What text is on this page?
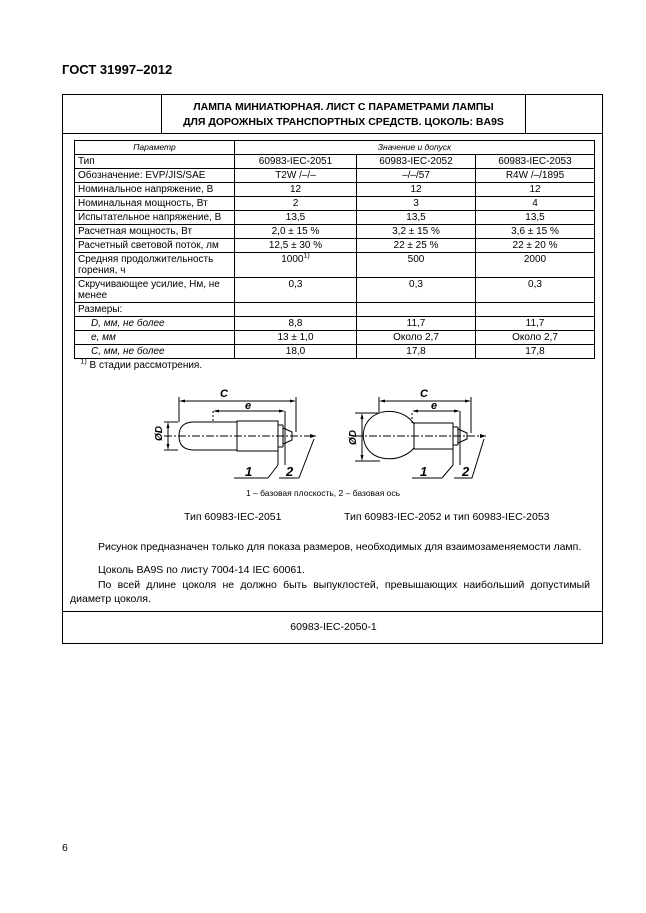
ГОСТ 31997–2012
ЛАМПА МИНИАТЮРНАЯ. ЛИСТ С ПАРАМЕТРАМИ ЛАМПЫ
ДЛЯ ДОРОЖНЫХ ТРАНСПОРТНЫХ СРЕДСТВ. ЦОКОЛЬ: BA9S
Параметр	Значение и допуск		
Тип	60983-IEC-2051	60983-IEC-2052	60983-IEC-2053
Обозначение: EVP/JIS/SAE	T2W /–/–	–/–/57	R4W /–/1895
Номинальное напряжение, В	12	12	12
Номинальная мощность, Вт	2	3	4
Испытательное напряжение, В	13,5	13,5	13,5
Расчетная мощность, Вт	2,0 ± 15 %	3,2 ± 15 %	3,6 ± 15 %
Расчетный световой поток, лм	12,5 ± 30 %	22 ± 25 %	22 ± 20 %

Средняя продолжительность
горения, ч	1000$^{1)}$	500	2000

Скручивающее усилие, Нм, не
менее	0,3	0,3	0,3
Размеры:			
D, мм, не более	8,8	11,7	11,7
е, мм	13 ± 1,0	Около 2,7	Около 2,7
C, мм, не более	18,0	17,8	17,8
$^{1)}$ В стадии рассмотрения.			
60983-IEC-2050-1
C
e
ØD
1	2
C
e
ØD
1	2
1 – базовая плоскость, 2 – базовая ось
Тип 60983-IEC-2051	Тип 60983-IEC-2052 и тип 60983-IEC-2053
Рисунок предназначен только для показа размеров, необходимых для взаимозаменяемости ламп.
Цоколь BA9S по листу 7004-14 IEC 60061.
По всей длине цоколя не должно быть выпуклостей, превышающих наибольший допустимый диаметр цоколя.
6
